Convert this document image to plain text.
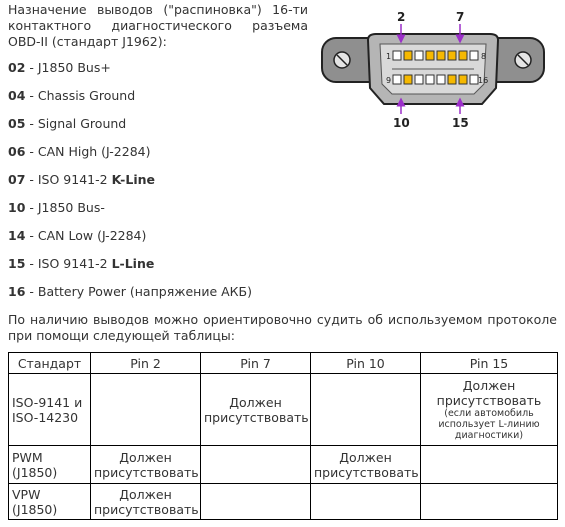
Назначение выводов ("распиновка") 16-ти контактного диагностического разъема OBD-II (стандарт J1962):
02 - J1850 Bus+
04 - Chassis Ground
05 - Signal Ground
06 - CAN High (J-2284)
07 - ISO 9141-2 K-Line
10 - J1850 Bus-
14 - CAN Low (J-2284)
15 - ISO 9141-2 L-Line
16 - Battery Power (напряжение АКБ)
1	8
9	16
2	7
10	15
По наличию выводов можно ориентировочно судить об используемом протоколе при помощи следующей таблицы:
Стандарт	Pin 2	Pin 7	Pin 10	Pin 15
ISO-9141 и ISO-14230		Должен присутствовать		Должен присутствовать
(если автомобиль использует L-линию диагностики)

PWM (J1850)	Должен присутствовать		Должен присутствовать	
VPW (J1850)	Должен присутствовать			
